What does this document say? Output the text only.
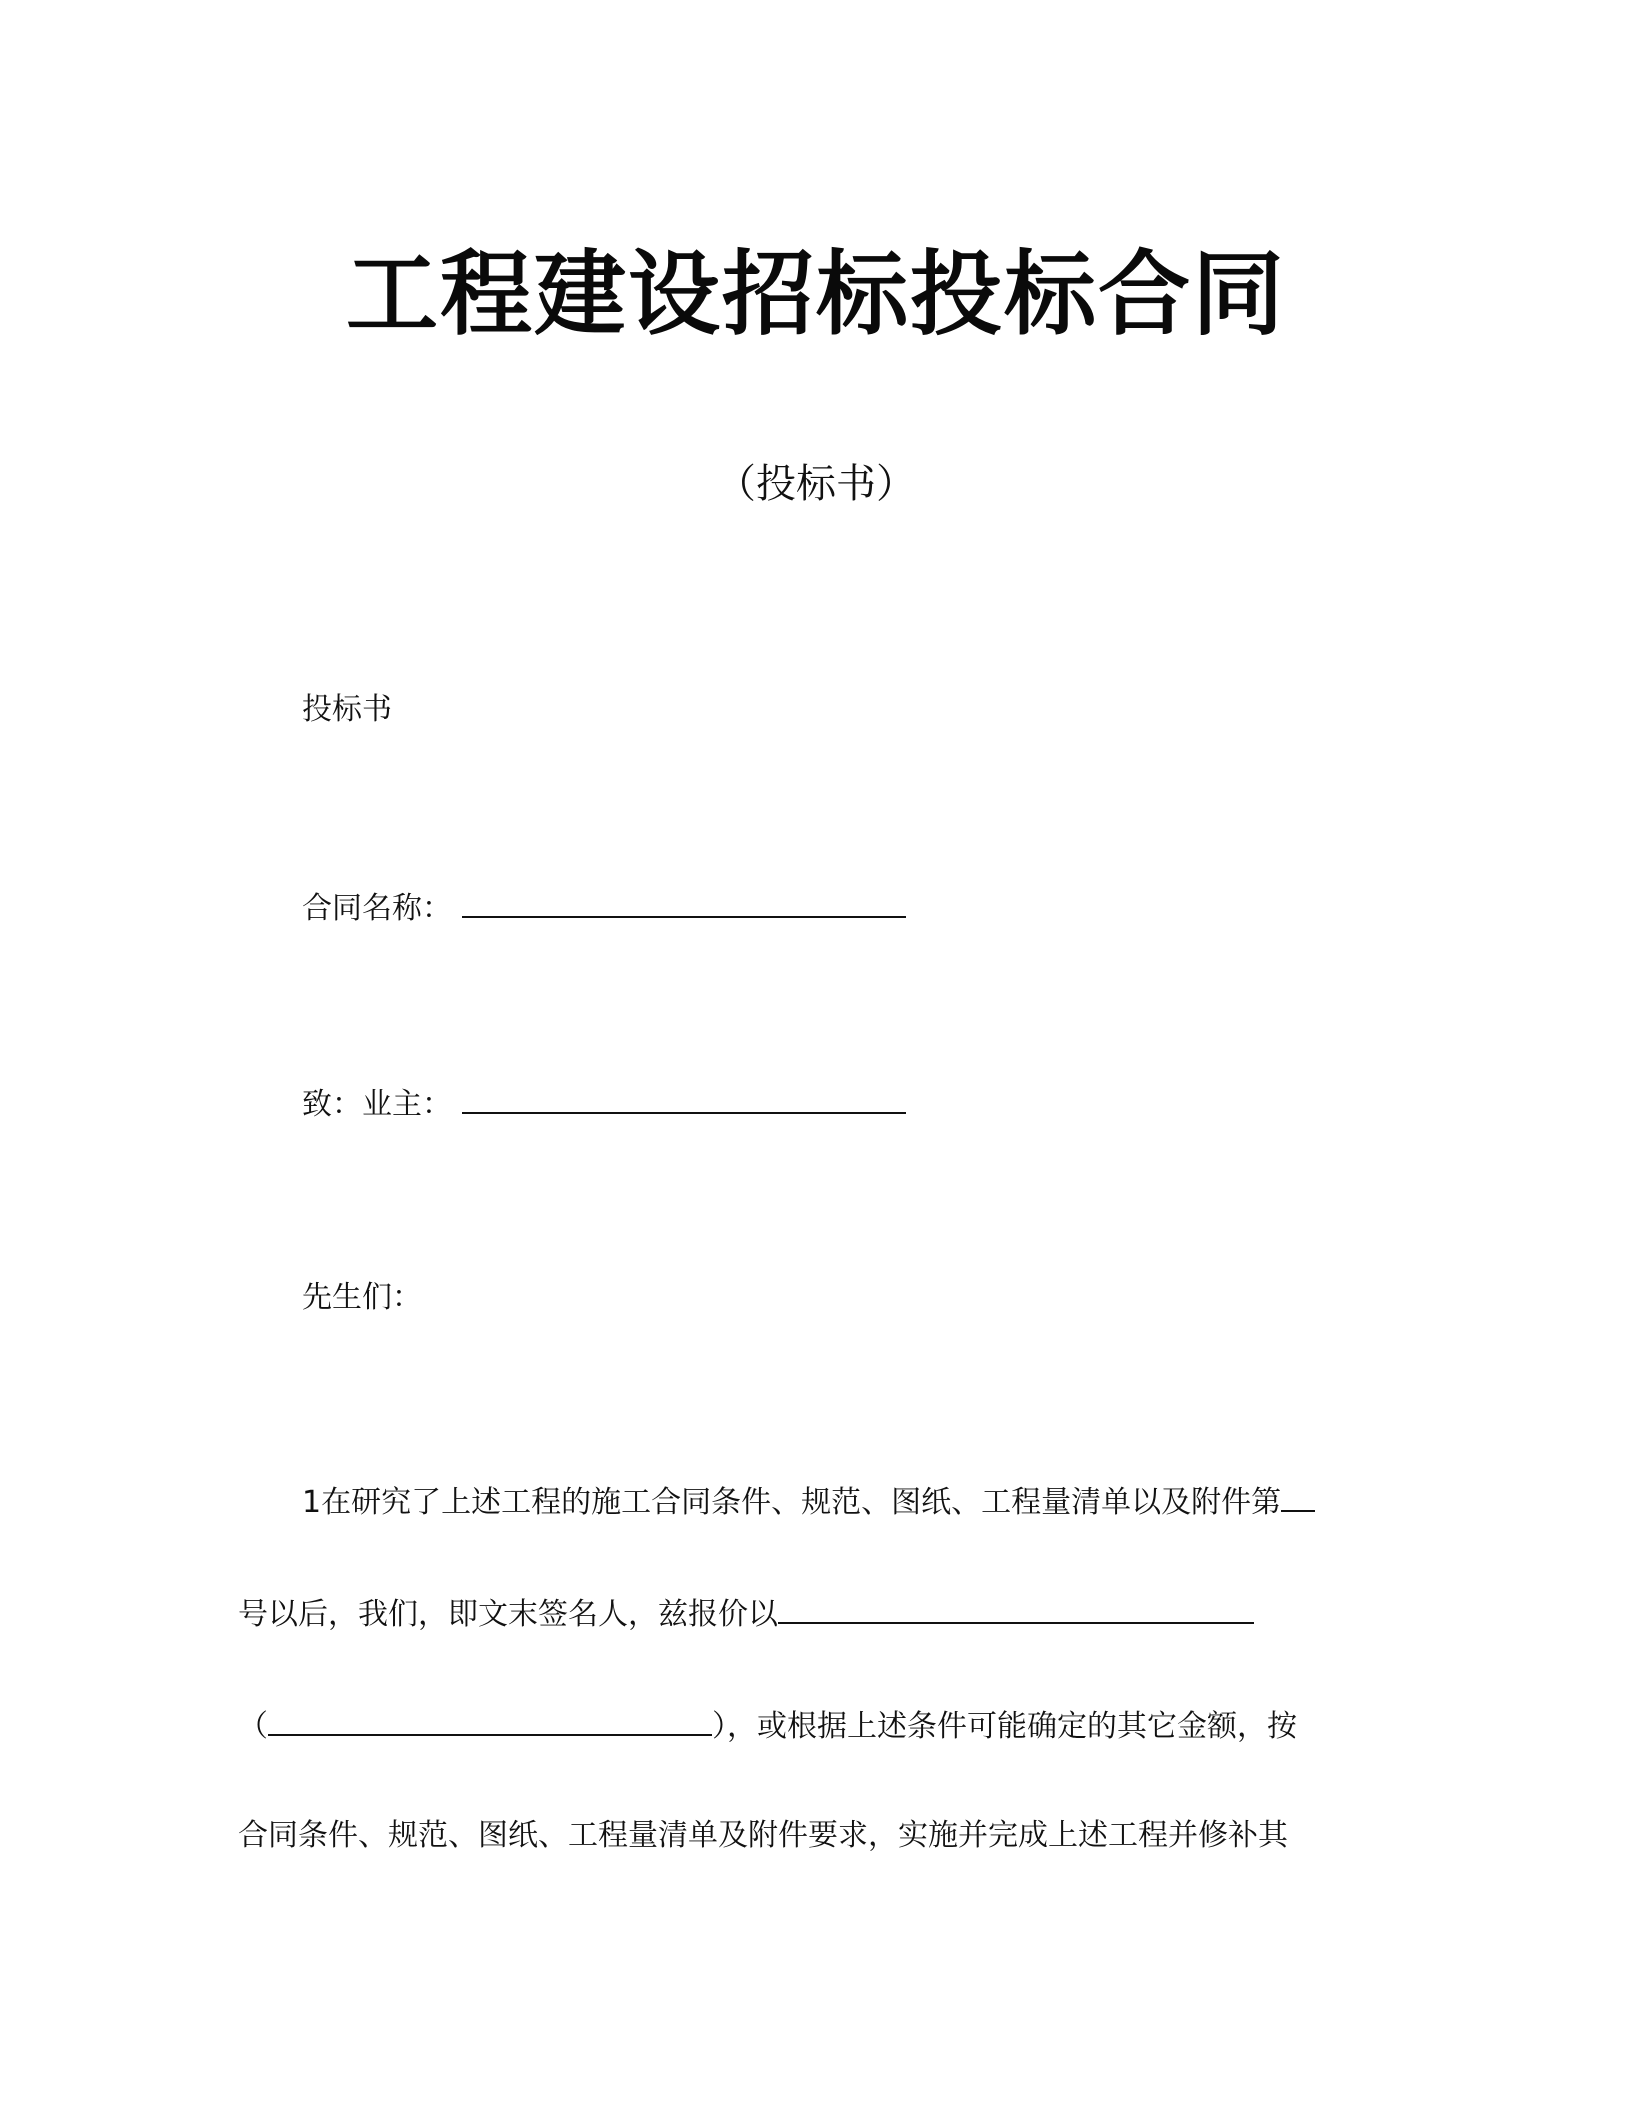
工程建设招标投标合同
（投标书）
投标书
合同名称：
致：业主：
先生们：
1在研究了上述工程的施工合同条件、规范、图纸、工程量清单以及附件第
号以后，我们，即文末签名人，兹报价以
（	），或根据上述条件可能确定的其它金额，按
合同条件、规范、图纸、工程量清单及附件要求，实施并完成上述工程并修补其
